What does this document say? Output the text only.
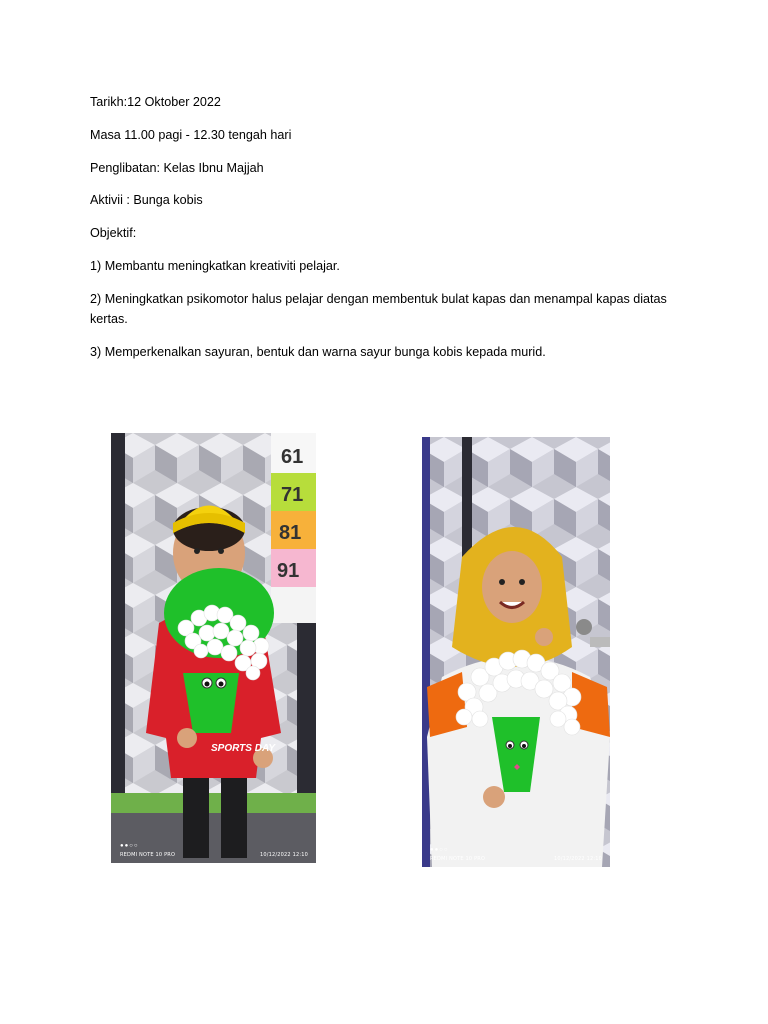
Tarikh:12 Oktober 2022
Masa 11.00 pagi - 12.30 tengah hari
Penglibatan: Kelas Ibnu Majjah
Aktivii : Bunga kobis
Objektif:
1) Membantu meningkatkan kreativiti pelajar.
2) Meningkatkan psikomotor halus pelajar dengan membentuk bulat kapas dan menampal kapas diatas kertas.
3) Memperkenalkan sayuran, bentuk dan warna sayur bunga kobis kepada murid.
61
71
81
91
SPORTS DAY
●●○○
REDMI NOTE 10 PRO	10/12/2022 12:10
●●○○
REDMI NOTE 10 PRO	10/12/2022 12:10
